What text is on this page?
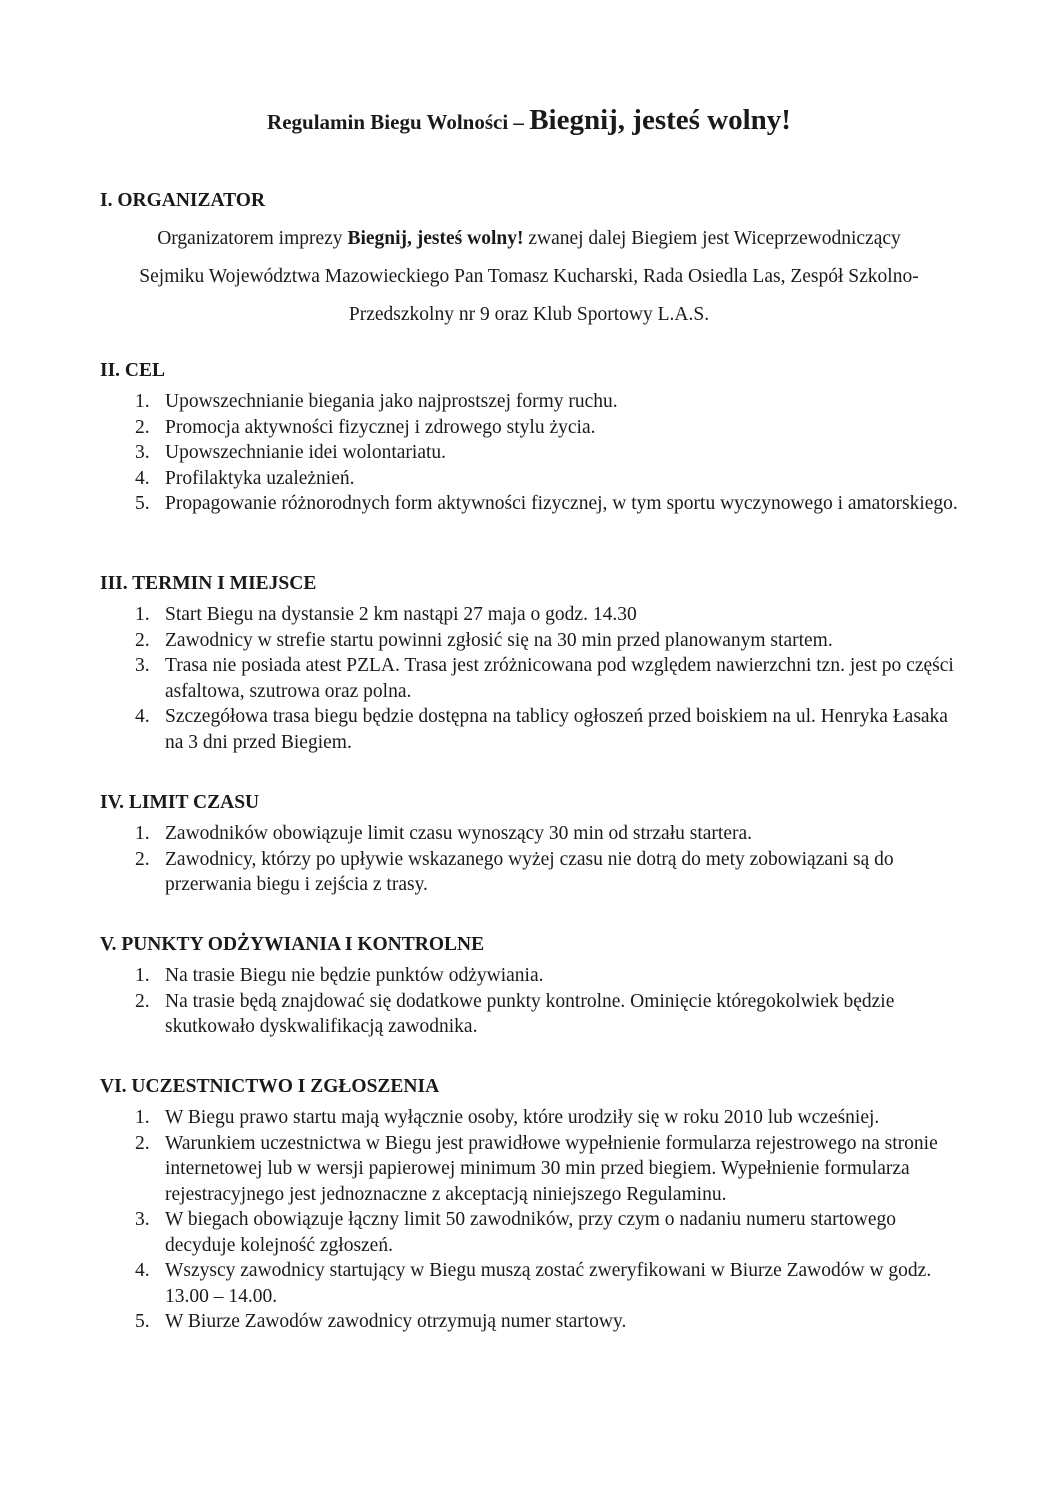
Regulamin Biegu Wolności – Biegnij, jesteś wolny!

I. ORGANIZATOR

Organizatorem imprezy Biegnij, jesteś wolny! zwanej dalej Biegiem jest Wiceprzewodniczący
Sejmiku Województwa Mazowieckiego Pan Tomasz Kucharski, Rada Osiedla Las, Zespół Szkolno-
Przedszkolny nr 9 oraz Klub Sportowy L.A.S.

II. CEL

1. Upowszechnianie biegania jako najprostszej formy ruchu.
2. Promocja aktywności fizycznej i zdrowego stylu życia.
3. Upowszechnianie idei wolontariatu.
4. Profilaktyka uzależnień.
5. Propagowanie różnorodnych form aktywności fizycznej, w tym sportu wyczynowego i amatorskiego.

III. TERMIN I MIEJSCE

1. Start Biegu na dystansie 2 km nastąpi 27 maja o godz. 14.30
2. Zawodnicy w strefie startu powinni zgłosić się na 30 min przed planowanym startem.
3. Trasa nie posiada atest PZLA. Trasa jest zróżnicowana pod względem nawierzchni tzn. jest po części asfaltowa, szutrowa oraz polna.
4. Szczegółowa trasa biegu będzie dostępna na tablicy ogłoszeń przed boiskiem na ul. Henryka Łasaka na 3 dni przed Biegiem.

IV. LIMIT CZASU

1. Zawodników obowiązuje limit czasu wynoszący 30 min od strzału startera.
2. Zawodnicy, którzy po upływie wskazanego wyżej czasu nie dotrą do mety zobowiązani są do przerwania biegu i zejścia z trasy.

V. PUNKTY ODŻYWIANIA I KONTROLNE

1. Na trasie Biegu nie będzie punktów odżywiania.
2. Na trasie będą znajdować się dodatkowe punkty kontrolne. Ominięcie któregokolwiek będzie skutkowało dyskwalifikacją zawodnika.

VI. UCZESTNICTWO I ZGŁOSZENIA

1. W Biegu prawo startu mają wyłącznie osoby, które urodziły się w roku 2010 lub wcześniej.
2. Warunkiem uczestnictwa w Biegu jest prawidłowe wypełnienie formularza rejestrowego na stronie internetowej lub w wersji papierowej minimum 30 min przed biegiem. Wypełnienie formularza rejestracyjnego jest jednoznaczne z akceptacją niniejszego Regulaminu.
3. W biegach obowiązuje łączny limit 50 zawodników, przy czym o nadaniu numeru startowego decyduje kolejność zgłoszeń.
4. Wszyscy zawodnicy startujący w Biegu muszą zostać zweryfikowani w Biurze Zawodów w godz. 13.00 – 14.00.
5. W Biurze Zawodów zawodnicy otrzymują numer startowy.
